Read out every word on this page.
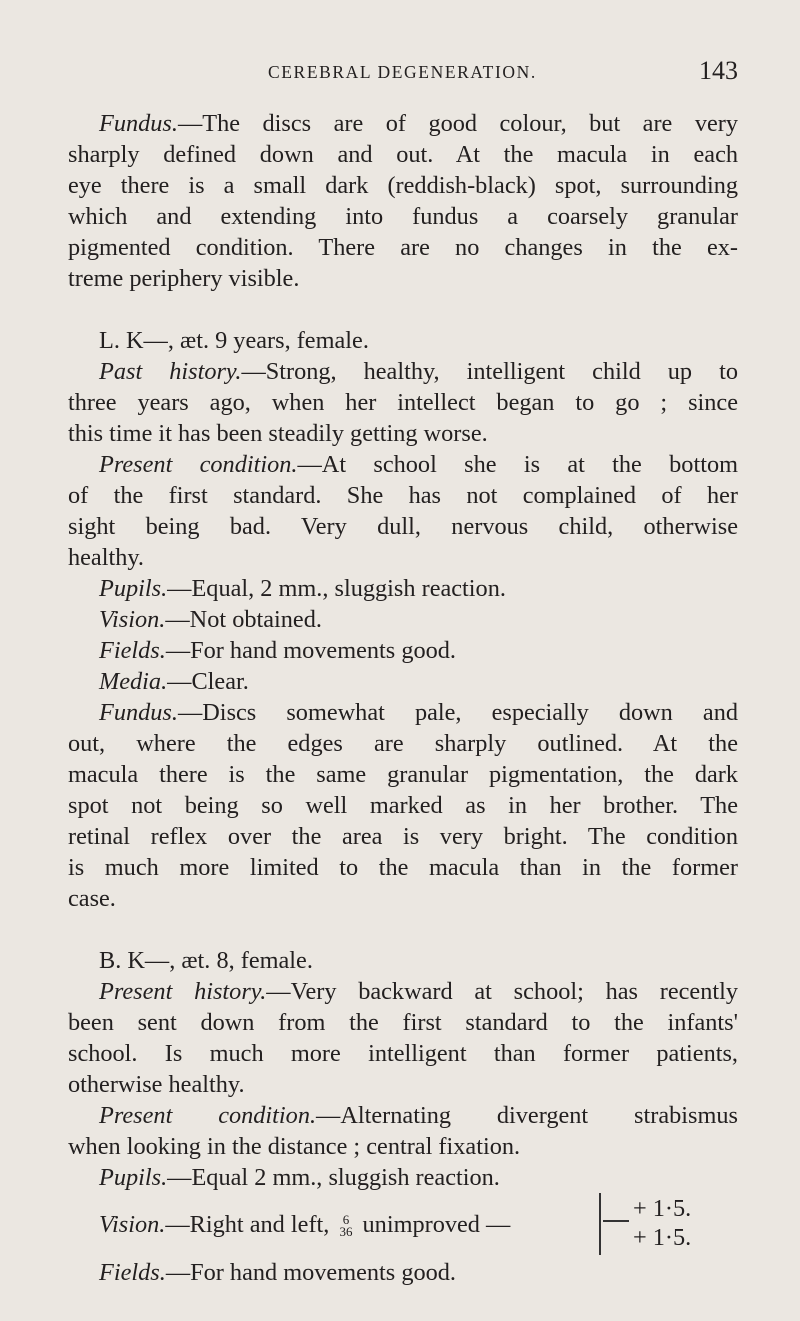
CEREBRAL DEGENERATION.	143
Fundus.—The discs are of good colour, but are very
sharply defined down and out. At the macula in each
eye there is a small dark (reddish-black) spot, surrounding
which and extending into fundus a coarsely granular
pigmented condition. There are no changes in the ex-
treme periphery visible.
L. K—, æt. 9 years, female.
Past history.—Strong, healthy, intelligent child up to
three years ago, when her intellect began to go ; since
this time it has been steadily getting worse.
Present condition.—At school she is at the bottom
of the first standard. She has not complained of her
sight being bad. Very dull, nervous child, otherwise
healthy.
Pupils.—Equal, 2 mm., sluggish reaction.
Vision.—Not obtained.
Fields.—For hand movements good.
Media.—Clear.
Fundus.—Discs somewhat pale, especially down and
out, where the edges are sharply outlined. At the
macula there is the same granular pigmentation, the dark
spot not being so well marked as in her brother. The
retinal reflex over the area is very bright. The condition
is much more limited to the macula than in the former
case.
B. K—, æt. 8, female.
Present history.—Very backward at school; has recently
been sent down from the first standard to the infants'
school. Is much more intelligent than former patients,
otherwise healthy.
Present condition.—Alternating divergent strabismus
when looking in the distance ; central fixation.
Pupils.—Equal 2 mm., sluggish reaction.
Vision.—Right and left, 6
36 unimproved —
+ 1·5.
+ 1·5.
Fields.—For hand movements good.
